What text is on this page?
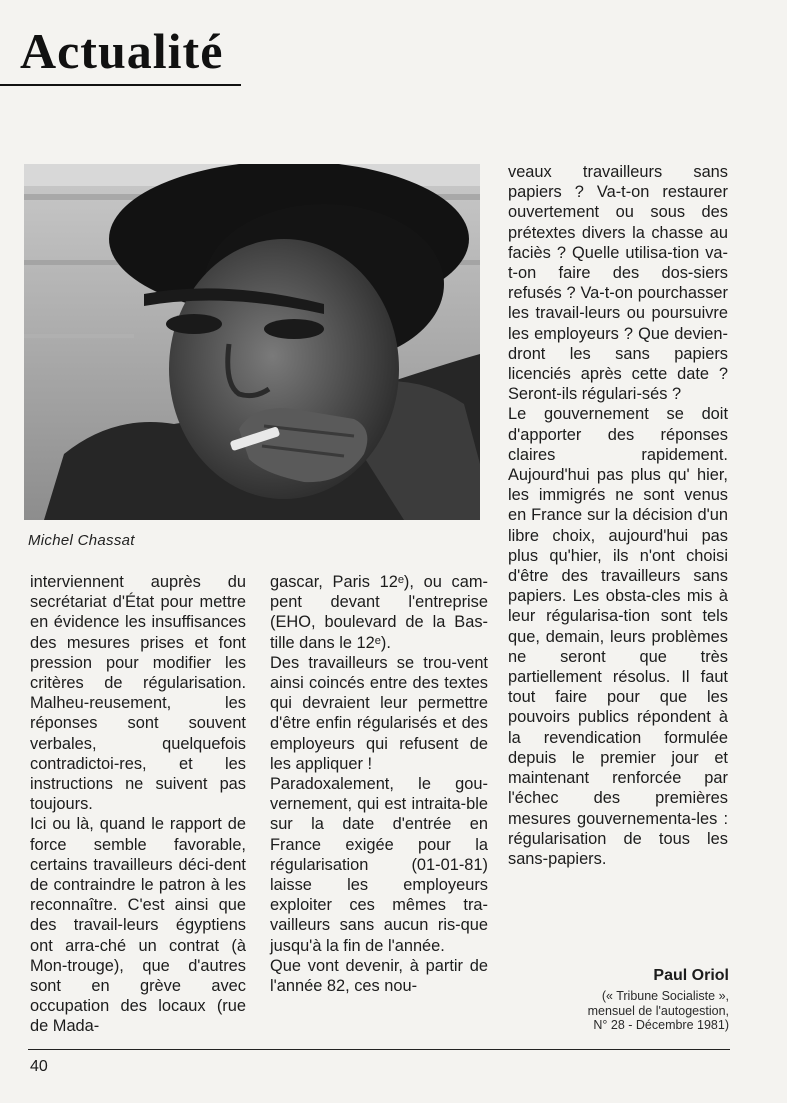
Actualité
Michel Chassat

interviennent auprès du secrétariat d'État pour mettre en évidence les insuffisances des mesures prises et font pression pour modifier les critères de régularisation. Malheu-reusement, les réponses sont souvent verbales, quelquefois contradictoi-res, et les instructions ne suivent pas toujours.

Ici ou là, quand le rapport de force semble favorable, certains travailleurs déci-dent de contraindre le patron à les reconnaître. C'est ainsi que des travail-leurs égyptiens ont arra-ché un contrat (à Mon-trouge), que d'autres sont en grève avec occupation des locaux (rue de Mada-

gascar, Paris 12ᵉ), ou cam-pent devant l'entreprise (EHO, boulevard de la Bas-tille dans le 12ᵉ).

Des travailleurs se trou-vent ainsi coincés entre des textes qui devraient leur permettre d'être enfin régularisés et des employeurs qui refusent de les appliquer !

Paradoxalement, le gou-vernement, qui est intraita-ble sur la date d'entrée en France exigée pour la régularisation (01-01-81) laisse les employeurs exploiter ces mêmes tra-vailleurs sans aucun ris-que jusqu'à la fin de l'année.

Que vont devenir, à partir de l'année 82, ces nou-

veaux travailleurs sans papiers ? Va-t-on restaurer ouvertement ou sous des prétextes divers la chasse au faciès ? Quelle utilisa-tion va-t-on faire des dos-siers refusés ? Va-t-on pourchasser les travail-leurs ou poursuivre les employeurs ? Que devien-dront les sans papiers licenciés après cette date ? Seront-ils régulari-sés ?

Le gouvernement se doit d'apporter des réponses claires rapidement. Aujourd'hui pas plus qu' hier, les immigrés ne sont venus en France sur la décision d'un libre choix, aujourd'hui pas plus qu'hier, ils n'ont choisi d'être des travailleurs sans papiers. Les obsta-cles mis à leur régularisa-tion sont tels que, demain, leurs problèmes ne seront que très partiellement résolus. Il faut tout faire pour que les pouvoirs publics répondent à la revendication formulée depuis le premier jour et maintenant renforcée par l'échec des premières mesures gouvernementa-les : régularisation de tous les sans-papiers.

Paul Oriol
(« Tribune Socialiste »,
mensuel de l'autogestion,
N° 28 - Décembre 1981)
40
